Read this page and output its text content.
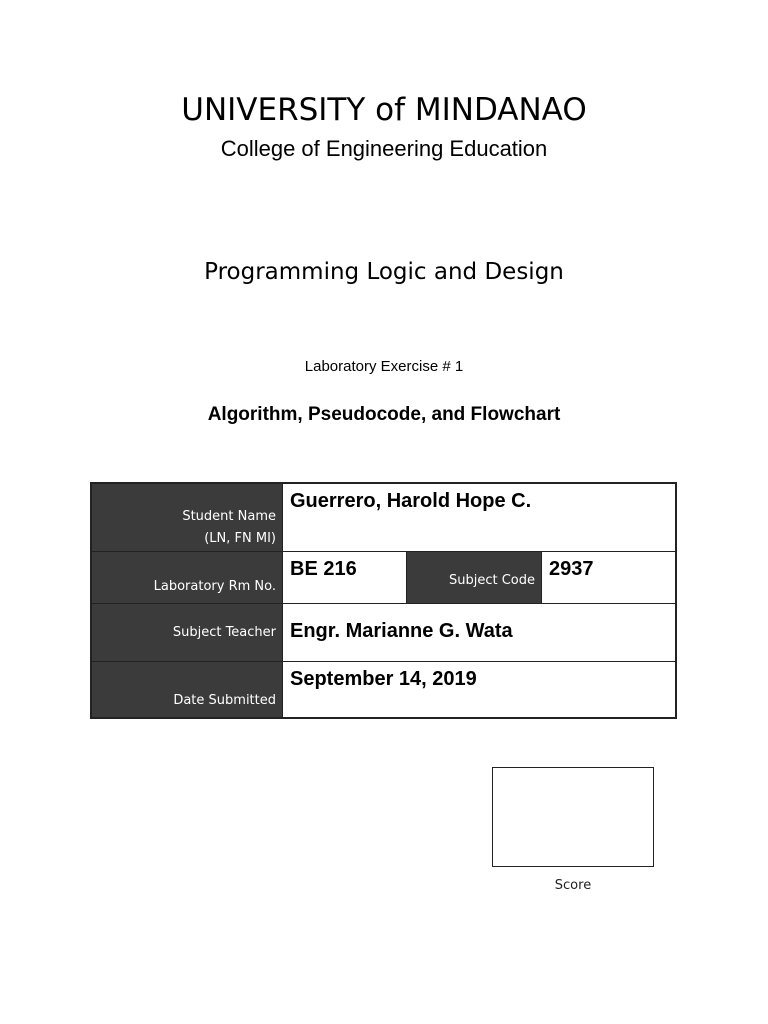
UNIVERSITY of MINDANAO
College of Engineering Education
Programming Logic and Design
Laboratory Exercise # 1
Algorithm, Pseudocode, and Flowchart
Student Name
(LN, FN MI)
Guerrero, Harold Hope C.
Laboratory Rm No.
BE 216
Subject Code
2937
Subject Teacher Engr. Marianne G. Wata
Date Submitted
September 14, 2019
Score
